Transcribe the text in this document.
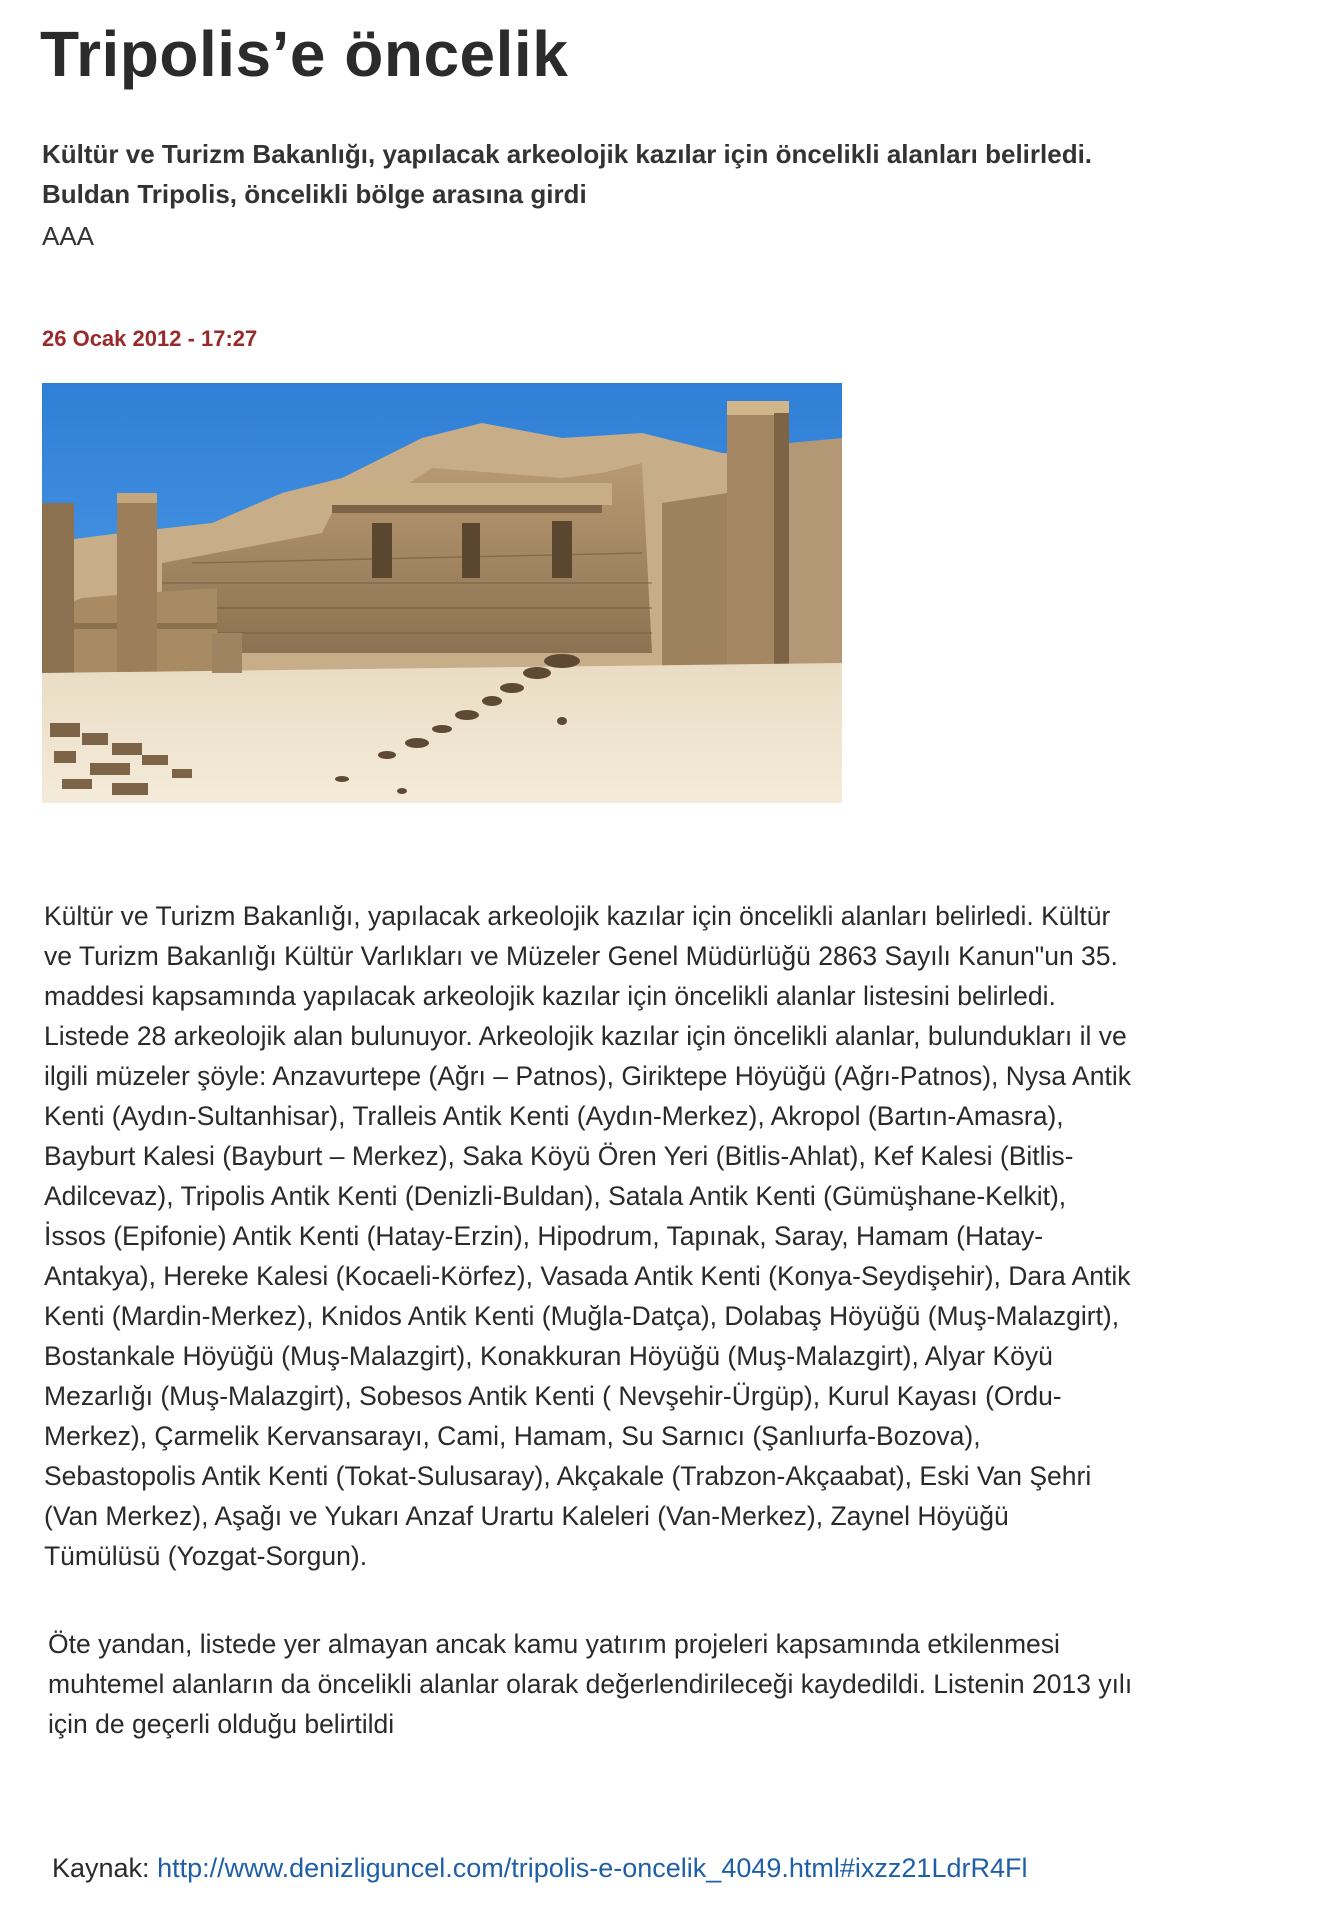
Tripolis’e öncelik
Kültür ve Turizm Bakanlığı, yapılacak arkeolojik kazılar için öncelikli alanları belirledi.
Buldan Tripolis, öncelikli bölge arasına girdi
AAA
26 Ocak 2012 - 17:27
Kültür ve Turizm Bakanlığı, yapılacak arkeolojik kazılar için öncelikli alanları belirledi. Kültür
ve Turizm Bakanlığı Kültür Varlıkları ve Müzeler Genel Müdürlüğü 2863 Sayılı Kanun"un 35.
maddesi kapsamında yapılacak arkeolojik kazılar için öncelikli alanlar listesini belirledi.
Listede 28 arkeolojik alan bulunuyor. Arkeolojik kazılar için öncelikli alanlar, bulundukları il ve
ilgili müzeler şöyle: Anzavurtepe (Ağrı – Patnos), Giriktepe Höyüğü (Ağrı-Patnos), Nysa Antik
Kenti (Aydın-Sultanhisar), Tralleis Antik Kenti (Aydın-Merkez), Akropol (Bartın-Amasra),
Bayburt Kalesi (Bayburt – Merkez), Saka Köyü Ören Yeri (Bitlis-Ahlat), Kef Kalesi (Bitlis-
Adilcevaz), Tripolis Antik Kenti (Denizli-Buldan), Satala Antik Kenti (Gümüşhane-Kelkit),
İssos (Epifonie) Antik Kenti (Hatay-Erzin), Hipodrum, Tapınak, Saray, Hamam (Hatay-
Antakya), Hereke Kalesi (Kocaeli-Körfez), Vasada Antik Kenti (Konya-Seydişehir), Dara Antik
Kenti (Mardin-Merkez), Knidos Antik Kenti (Muğla-Datça), Dolabaş Höyüğü (Muş-Malazgirt),
Bostankale Höyüğü (Muş-Malazgirt), Konakkuran Höyüğü (Muş-Malazgirt), Alyar Köyü
Mezarlığı (Muş-Malazgirt), Sobesos Antik Kenti ( Nevşehir-Ürgüp), Kurul Kayası (Ordu-
Merkez), Çarmelik Kervansarayı, Cami, Hamam, Su Sarnıcı (Şanlıurfa-Bozova),
Sebastopolis Antik Kenti (Tokat-Sulusaray), Akçakale (Trabzon-Akçaabat), Eski Van Şehri
(Van Merkez), Aşağı ve Yukarı Anzaf Urartu Kaleleri (Van-Merkez), Zaynel Höyüğü
Tümülüsü (Yozgat-Sorgun).
Öte yandan, listede yer almayan ancak kamu yatırım projeleri kapsamında etkilenmesi
muhtemel alanların da öncelikli alanlar olarak değerlendirileceği kaydedildi. Listenin 2013 yılı
için de geçerli olduğu belirtildi
Kaynak: http://www.denizliguncel.com/tripolis-e-oncelik_4049.html#ixzz21LdrR4Fl
